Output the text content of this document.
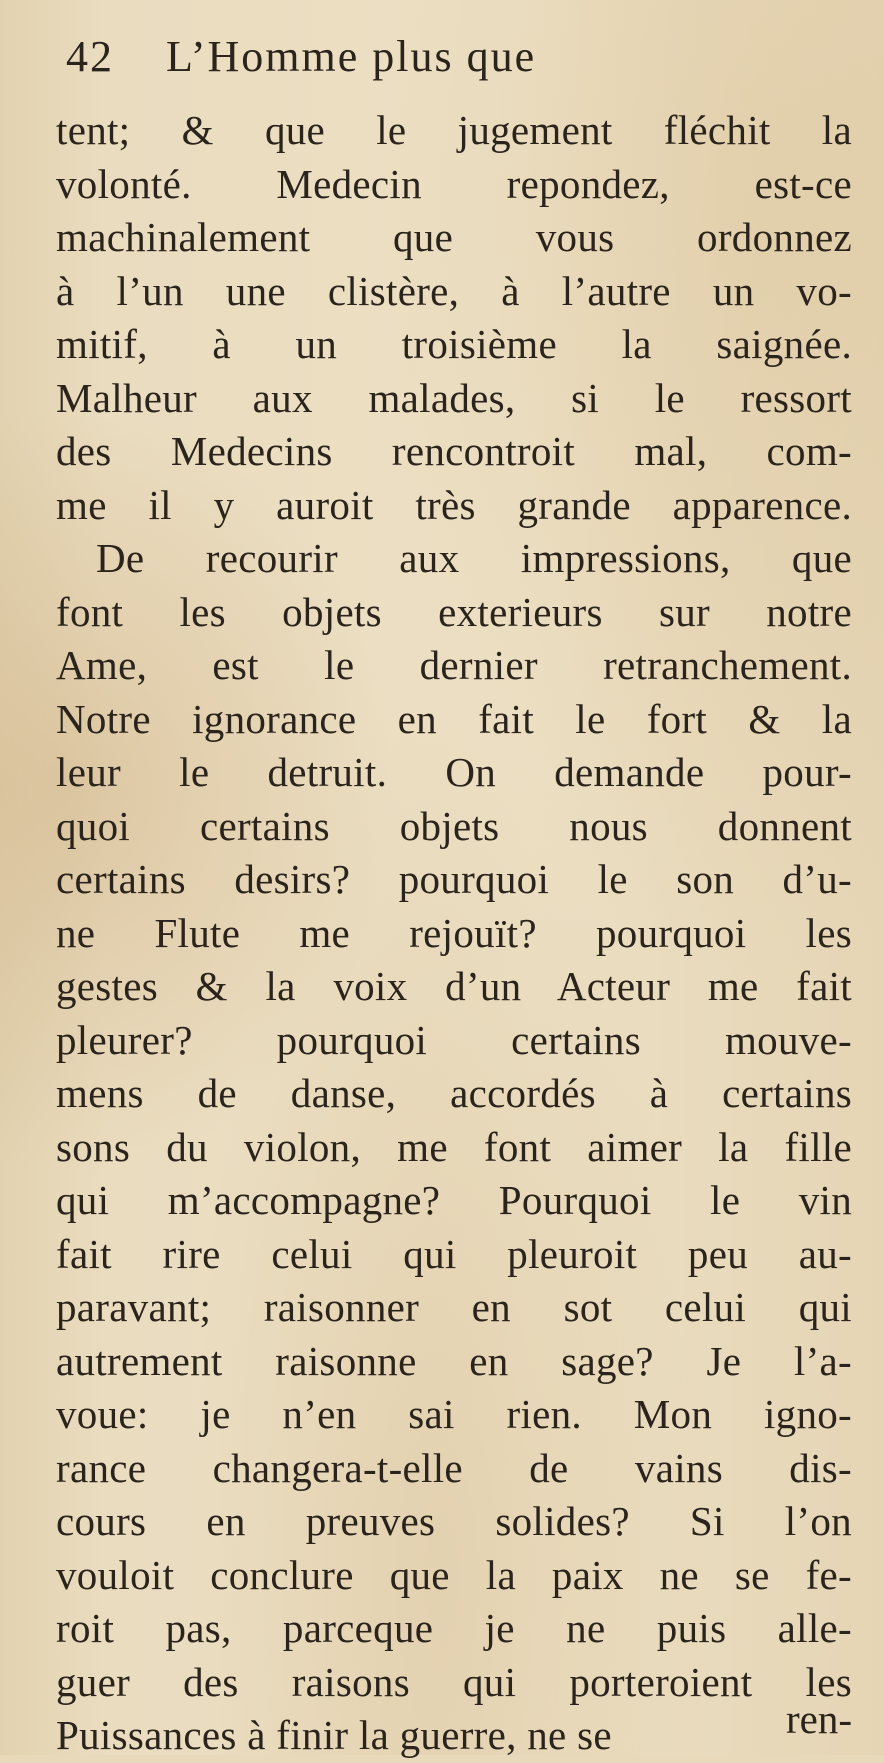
42 L’Homme plus que
tent; & que le jugement fléchit la
volonté. Medecin repondez, est-ce
machinalement que vous ordonnez
à l’un une clistère, à l’autre un vo-
mitif, à un troisième la saignée.
Malheur aux malades, si le ressort
des Medecins rencontroit mal, com-
me il y auroit très grande apparence.
De recourir aux impressions, que
font les objets exterieurs sur notre
Ame, est le dernier retranchement.
Notre ignorance en fait le fort & la
leur le detruit. On demande pour-
quoi certains objets nous donnent
certains desirs? pourquoi le son d’u-
ne Flute me rejouït? pourquoi les
gestes & la voix d’un Acteur me fait
pleurer? pourquoi certains mouve-
mens de danse, accordés à certains
sons du violon, me font aimer la fille
qui m’accompagne? Pourquoi le vin
fait rire celui qui pleuroit peu au-
paravant; raisonner en sot celui qui
autrement raisonne en sage? Je l’a-
voue: je n’en sai rien. Mon igno-
rance changera-t-elle de vains dis-
cours en preuves solides? Si l’on
vouloit conclure que la paix ne se fe-
roit pas, parceque je ne puis alle-
guer des raisons qui porteroient les
Puissances à finir la guerre, ne se	ren-
